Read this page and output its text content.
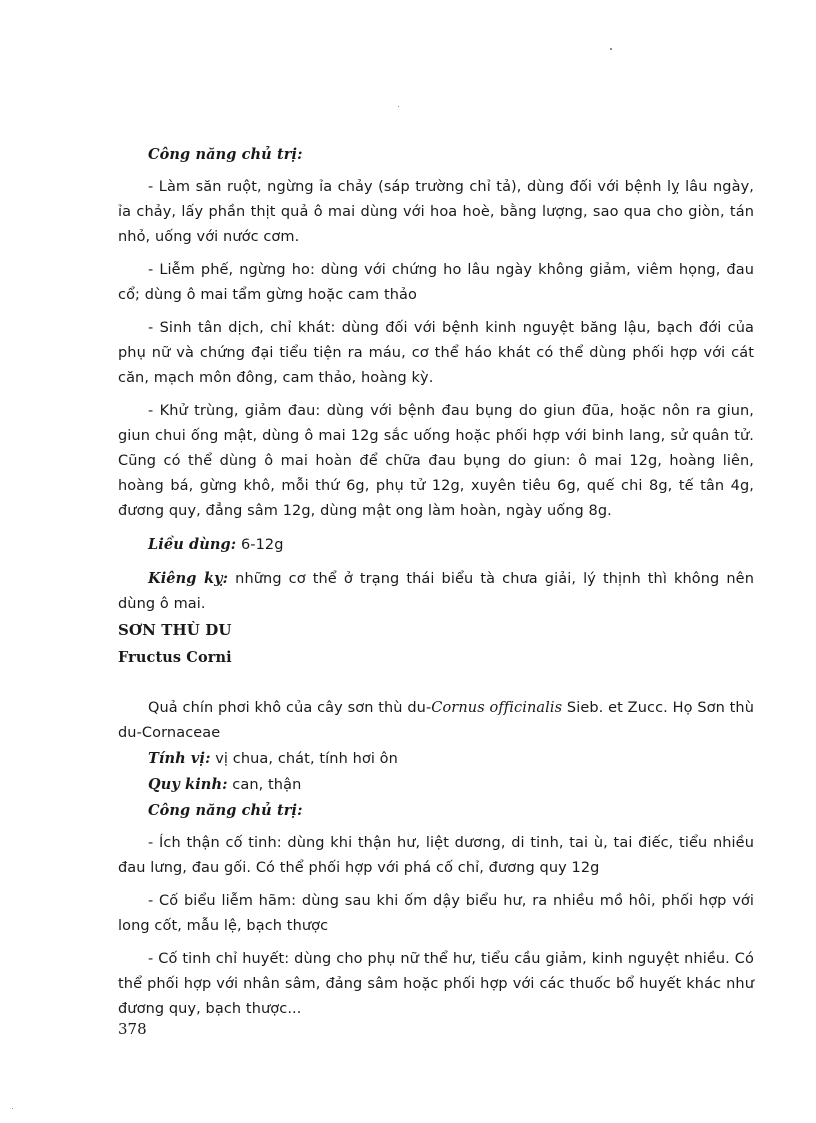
Công năng chủ trị:

- Làm săn ruột, ngừng ỉa chảy (sáp trường chỉ tả), dùng đối với bệnh lỵ lâu ngày, ỉa chảy, lấy phần thịt quả ô mai dùng với hoa hoè, bằng lượng, sao qua cho giòn, tán nhỏ, uống với nước cơm.

- Liễm phế, ngừng ho: dùng với chứng ho lâu ngày không giảm, viêm họng, đau cổ; dùng ô mai tẩm gừng hoặc cam thảo

- Sinh tân dịch, chỉ khát: dùng đối với bệnh kinh nguyệt băng lậu, bạch đới của phụ nữ và chứng đại tiểu tiện ra máu, cơ thể háo khát có thể dùng phối hợp với cát căn, mạch môn đông, cam thảo, hoàng kỳ.

- Khử trùng, giảm đau: dùng với bệnh đau bụng do giun đũa, hoặc nôn ra giun, giun chui ống mật, dùng ô mai 12g sắc uống hoặc phối hợp với binh lang, sử quân tử. Cũng có thể dùng ô mai hoàn để chữa đau bụng do giun: ô mai 12g, hoàng liên, hoàng bá, gừng khô, mỗi thứ 6g, phụ tử 12g, xuyên tiêu 6g, quế chi 8g, tế tân 4g, đương quy, đẳng sâm 12g, dùng mật ong làm hoàn, ngày uống 8g.

Liều dùng: 6-12g

Kiêng kỵ: những cơ thể ở trạng thái biểu tà chưa giải, lý thịnh thì không nên dùng ô mai.

SƠN THÙ DU

Fructus Corni

Quả chín phơi khô của cây sơn thù du-Cornus officinalis Sieb. et Zucc. Họ Sơn thù du-Cornaceae

Tính vị: vị chua, chát, tính hơi ôn

Quy kinh: can, thận

Công năng chủ trị:

- Ích thận cố tinh: dùng khi thận hư, liệt dương, di tinh, tai ù, tai điếc, tiểu nhiều đau lưng, đau gối. Có thể phối hợp với phá cố chỉ, đương quy 12g

- Cố biểu liễm hãm: dùng sau khi ốm dậy biểu hư, ra nhiều mồ hôi, phối hợp với long cốt, mẫu lệ, bạch thược

- Cố tinh chỉ huyết: dùng cho phụ nữ thể hư, tiểu cầu giảm, kinh nguyệt nhiều. Có thể phối hợp với nhân sâm, đảng sâm hoặc phối hợp với các thuốc bổ huyết khác như đương quy, bạch thược...

378
